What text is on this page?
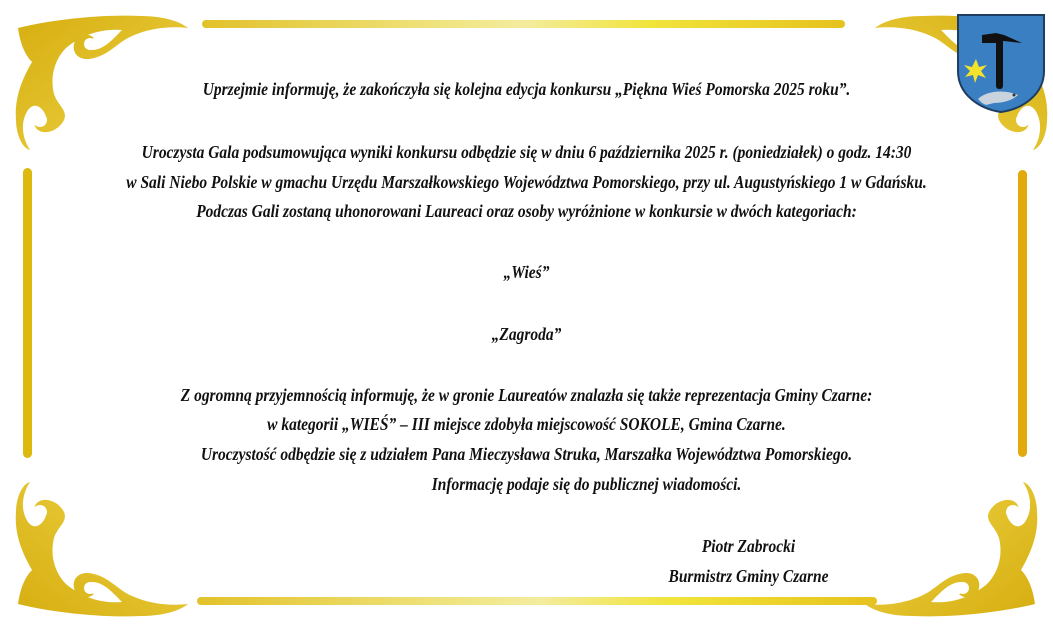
Uprzejmie informuję, że zakończyła się kolejna edycja konkursu „Piękna Wieś Pomorska 2025 roku”.
Uroczysta Gala podsumowująca wyniki konkursu odbędzie się w dniu 6 października 2025 r. (poniedziałek) o godz. 14:30
w Sali Niebo Polskie w gmachu Urzędu Marszałkowskiego Województwa Pomorskiego, przy ul. Augustyńskiego 1 w Gdańsku.
Podczas Gali zostaną uhonorowani Laureaci oraz osoby wyróżnione w konkursie w dwóch kategoriach:
„Wieś”
„Zagroda”
Z ogromną przyjemnością informuję, że w gronie Laureatów znalazła się także reprezentacja Gminy Czarne:
w kategorii „WIEŚ” – III miejsce zdobyła miejscowość SOKOLE, Gmina Czarne.
Uroczystość odbędzie się z udziałem Pana Mieczysława Struka, Marszałka Województwa Pomorskiego.
Informację podaje się do publicznej wiadomości.
Piotr Zabrocki
Burmistrz Gminy Czarne
